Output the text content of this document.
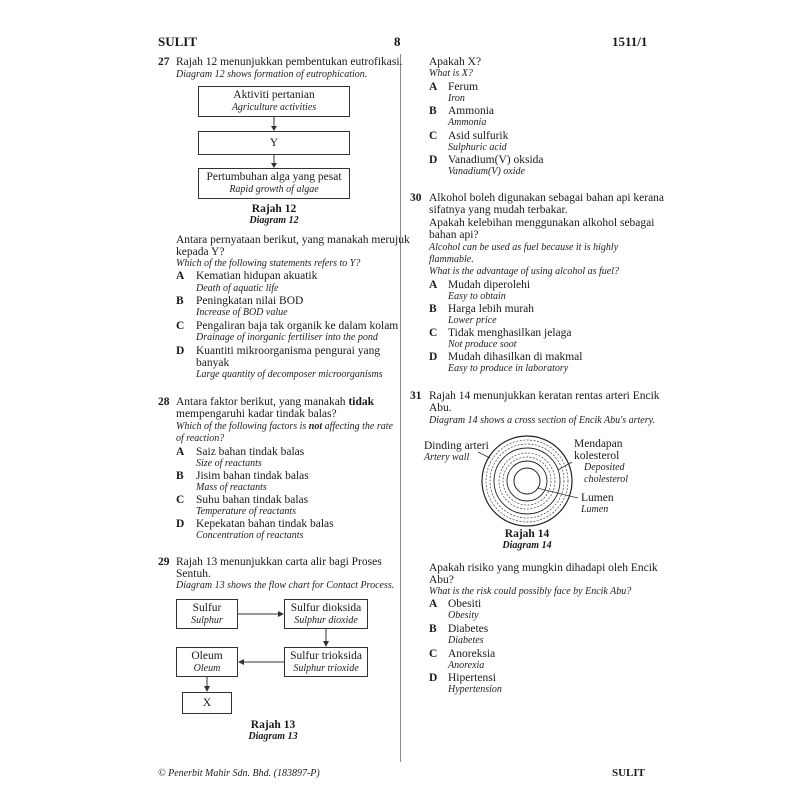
SULIT	8	1511/1
27 Rajah 12 menunjukkan pembentukan eutrofikasi.
Diagram 12 shows formation of eutrophication.
Aktiviti pertanian
Agriculture activities
Y
Pertumbuhan alga yang pesat
Rapid growth of algae
Rajah 12
Diagram 12
Antara pernyataan berikut, yang manakah merujuk
kepada Y?
Which of the following statements refers to Y?
A Kematian hidupan akuatik
Death of aquatic life
B Peningkatan nilai BOD
Increase of BOD value
C Pengaliran baja tak organik ke dalam kolam
Drainage of inorganic fertiliser into the pond
D Kuantiti mikroorganisma pengurai yang
banyak
Large quantity of decomposer microorganisms
28 Antara faktor berikut, yang manakah tidak
mempengaruhi kadar tindak balas?
Which of the following factors is not affecting the rate
of reaction?
A Saiz bahan tindak balas
Size of reactants
B Jisim bahan tindak balas
Mass of reactants
C Suhu bahan tindak balas
Temperature of reactants
D Kepekatan bahan tindak balas
Concentration of reactants
29 Rajah 13 menunjukkan carta alir bagi Proses
Sentuh.
Diagram 13 shows the flow chart for Contact Process.
Sulfur
Sulphur
Sulfur dioksida
Sulphur dioxide
Oleum
Oleum
Sulfur trioksida
Sulphur trioxide
X
Rajah 13
Diagram 13
Apakah X?
What is X?
A Ferum
Iron
B Ammonia
Ammonia
C Asid sulfurik
Sulphuric acid
D Vanadium(V) oksida
Vanadium(V) oxide
30 Alkohol boleh digunakan sebagai bahan api kerana
sifatnya yang mudah terbakar.
Apakah kelebihan menggunakan alkohol sebagai
bahan api?
Alcohol can be used as fuel because it is highly
flammable.
What is the advantage of using alcohol as fuel?
A Mudah diperolehi
Easy to obtain
B Harga lebih murah
Lower price
C Tidak menghasilkan jelaga
Not produce soot
D Mudah dihasilkan di makmal
Easy to produce in laboratory
31 Rajah 14 menunjukkan keratan rentas arteri Encik
Abu.
Diagram 14 shows a cross section of Encik Abu's artery.
Dinding arteri
Artery wall
Mendapan
kolesterol
Deposited
cholesterol
Lumen
Lumen
Rajah 14
Diagram 14
Apakah risiko yang mungkin dihadapi oleh Encik
Abu?
What is the risk could possibly face by Encik Abu?
A Obesiti
Obesity
B Diabetes
Diabetes
C Anoreksia
Anorexia
D Hipertensi
Hypertension
© Penerbit Mahir Sdn. Bhd. (183897-P)	SULIT
